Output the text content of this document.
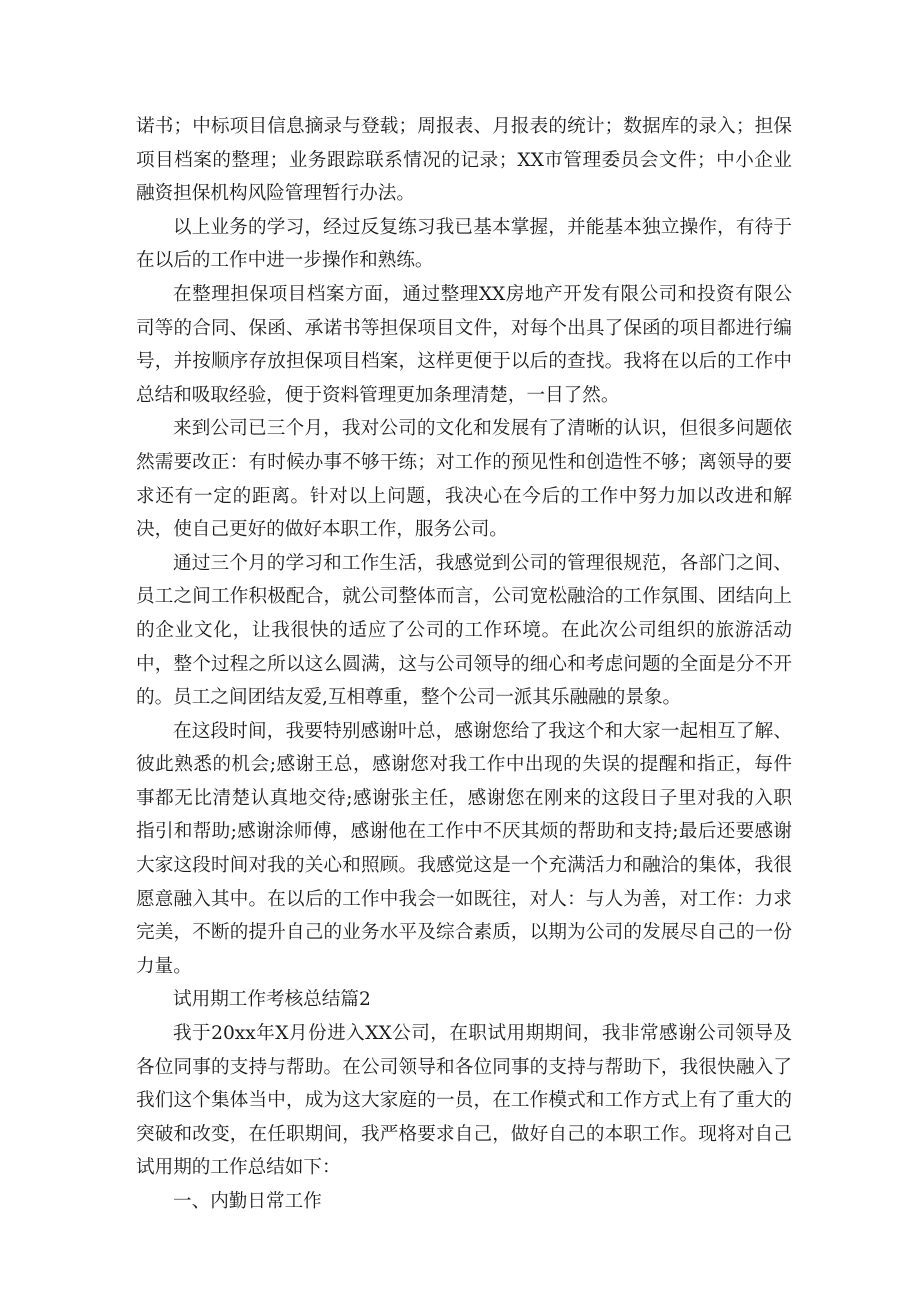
诺书；中标项目信息摘录与登载；周报表、月报表的统计；数据库的录入；担保项目档案的整理；业务跟踪联系情况的记录；XX市管理委员会文件；中小企业融资担保机构风险管理暂行办法。

以上业务的学习，经过反复练习我已基本掌握，并能基本独立操作，有待于在以后的工作中进一步操作和熟练。

在整理担保项目档案方面，通过整理XX房地产开发有限公司和投资有限公司等的合同、保函、承诺书等担保项目文件，对每个出具了保函的项目都进行编号，并按顺序存放担保项目档案，这样更便于以后的查找。我将在以后的工作中总结和吸取经验，便于资料管理更加条理清楚，一目了然。

来到公司已三个月，我对公司的文化和发展有了清晰的认识，但很多问题依然需要改正：有时候办事不够干练；对工作的预见性和创造性不够；离领导的要求还有一定的距离。针对以上问题，我决心在今后的工作中努力加以改进和解决，使自己更好的做好本职工作，服务公司。

通过三个月的学习和工作生活，我感觉到公司的管理很规范，各部门之间、员工之间工作积极配合，就公司整体而言，公司宽松融洽的工作氛围、团结向上的企业文化，让我很快的适应了公司的工作环境。在此次公司组织的旅游活动中，整个过程之所以这么圆满，这与公司领导的细心和考虑问题的全面是分不开的。员工之间团结友爱,互相尊重，整个公司一派其乐融融的景象。

在这段时间，我要特别感谢叶总，感谢您给了我这个和大家一起相互了解、彼此熟悉的机会;感谢王总，感谢您对我工作中出现的失误的提醒和指正，每件事都无比清楚认真地交待;感谢张主任，感谢您在刚来的这段日子里对我的入职指引和帮助;感谢涂师傅，感谢他在工作中不厌其烦的帮助和支持;最后还要感谢大家这段时间对我的关心和照顾。我感觉这是一个充满活力和融洽的集体，我很愿意融入其中。在以后的工作中我会一如既往，对人：与人为善，对工作：力求完美，不断的提升自己的业务水平及综合素质，以期为公司的发展尽自己的一份力量。

试用期工作考核总结篇2

我于20xx年X月份进入XX公司，在职试用期期间，我非常感谢公司领导及各位同事的支持与帮助。在公司领导和各位同事的支持与帮助下，我很快融入了我们这个集体当中，成为这大家庭的一员，在工作模式和工作方式上有了重大的突破和改变，在任职期间，我严格要求自己，做好自己的本职工作。现将对自己试用期的工作总结如下：

一、内勤日常工作
